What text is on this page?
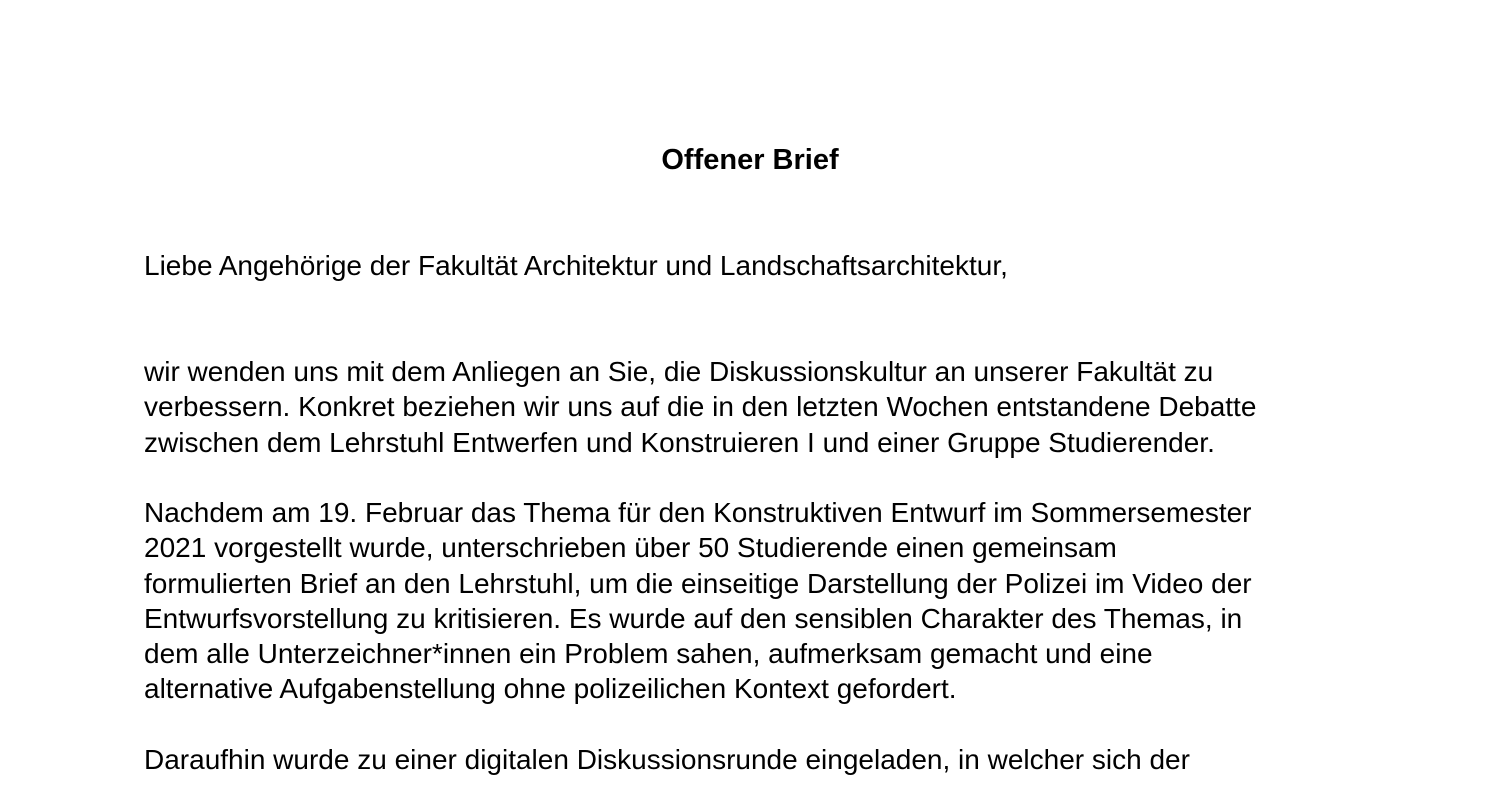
Offener Brief

Liebe Angehörige der Fakultät Architektur und Landschaftsarchitektur,

wir wenden uns mit dem Anliegen an Sie, die Diskussionskultur an unserer Fakultät zu
verbessern. Konkret beziehen wir uns auf die in den letzten Wochen entstandene Debatte
zwischen dem Lehrstuhl Entwerfen und Konstruieren I und einer Gruppe Studierender.

Nachdem am 19. Februar das Thema für den Konstruktiven Entwurf im Sommersemester
2021 vorgestellt wurde, unterschrieben über 50 Studierende einen gemeinsam
formulierten Brief an den Lehrstuhl, um die einseitige Darstellung der Polizei im Video der
Entwurfsvorstellung zu kritisieren. Es wurde auf den sensiblen Charakter des Themas, in
dem alle Unterzeichner*innen ein Problem sahen, aufmerksam gemacht und eine
alternative Aufgabenstellung ohne polizeilichen Kontext gefordert.

Daraufhin wurde zu einer digitalen Diskussionsrunde eingeladen, in welcher sich der
